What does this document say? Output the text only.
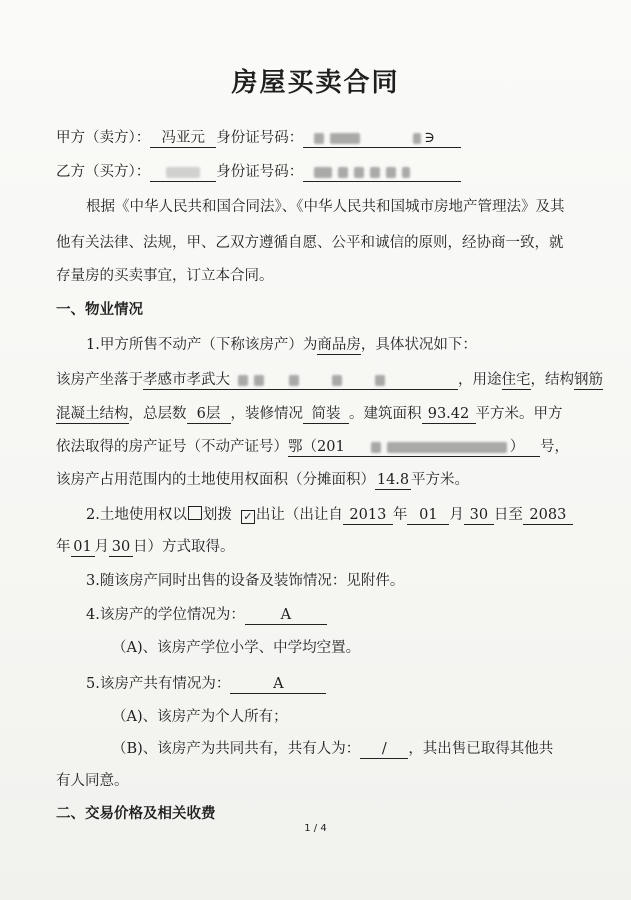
房屋买卖合同
甲方（卖方）： 冯亚元 身份证号码：	∋
乙方（买方）：	身份证号码：
根据《中华人民共和国合同法》、《中华人民共和国城市房地产管理法》及其
他有关法律、法规，甲、乙双方遵循自愿、公平和诚信的原则，经协商一致，就
存量房的买卖事宜，订立本合同。
一、物业情况
1.甲方所售不动产（下称该房产）为商品房，具体状况如下：
该房产坐落于孝感市孝武大	，用途住宅，结构钢筋
混凝土结构，总层数 6层 ，装修情况 简装 。建筑面积 93.42 平方米。甲方
依法取得的房产证号（不动产证号）鄂（201	） 号，
该房产占用范围内的土地使用权面积（分摊面积） 14.8 平方米。
2.土地使用权以 划拨 ✓ 出让（出让自 2013 年 01 月 30 日至 2083
年 01 月 30 日）方式取得。
3.随该房产同时出售的设备及装饰情况：见附件。
4.该房产的学位情况为： A
（A)、该房产学位小学、中学均空置。
5.该房产共有情况为：	A
（A)、该房产为个人所有；
（B)、该房产为共同共有，共有人为： / ，其出售已取得其他共
有人同意。
二、交易价格及相关收费
1 / 4
